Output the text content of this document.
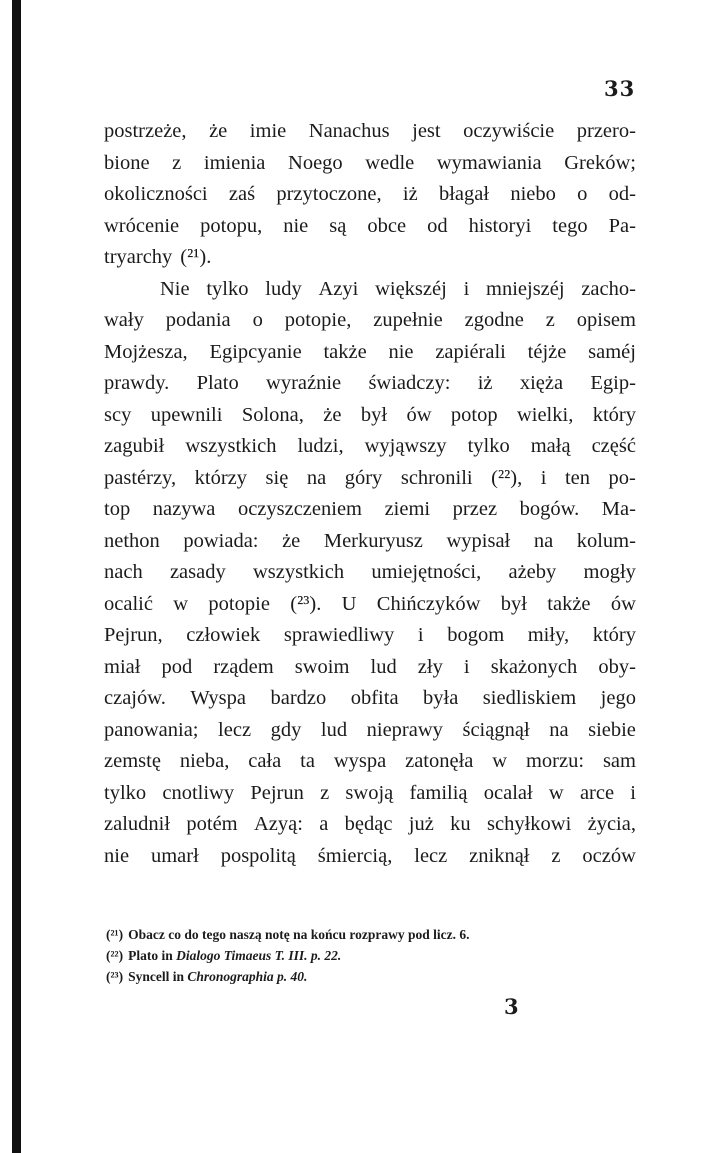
33
postrzeże, że imie Nanachus jest oczywiście przero-
bione z imienia Noego wedle wymawiania Greków;
okoliczności zaś przytoczone, iż błagał niebo o od-
wrócenie potopu, nie są obce od historyi tego Pa-
tryarchy (²¹).
Nie tylko ludy Azyi większéj i mniejszéj zacho-
wały podania o potopie, zupełnie zgodne z opisem
Mojżesza, Egipcyanie także nie zapiérali téjże saméj
prawdy. Plato wyraźnie świadczy: iż xięża Egip-
scy upewnili Solona, że był ów potop wielki, który
zagubił wszystkich ludzi, wyjąwszy tylko małą część
pastérzy, którzy się na góry schronili (²²), i ten po-
top nazywa oczyszczeniem ziemi przez bogów. Ma-
nethon powiada: że Merkuryusz wypisał na kolum-
nach zasady wszystkich umiejętności, ażeby mogły
ocalić w potopie (²³). U Chińczyków był także ów
Pejrun, człowiek sprawiedliwy i bogom miły, który
miał pod rządem swoim lud zły i skażonych oby-
czajów. Wyspa bardzo obfita była siedliskiem jego
panowania; lecz gdy lud nieprawy ściągnął na siebie
zemstę nieba, cała ta wyspa zatonęła w morzu: sam
tylko cnotliwy Pejrun z swoją familią ocalał w arce i
zaludnił potém Azyą: a będąc już ku schyłkowi życia,
nie umarł pospolitą śmiercią, lecz zniknął z oczów
(²¹) Obacz co do tego naszą notę na końcu rozprawy pod licz. 6.
(²²) Plato in Dialogo Timaeus T. III. p. 22.
(²³) Syncell in Chronographia p. 40.
3
